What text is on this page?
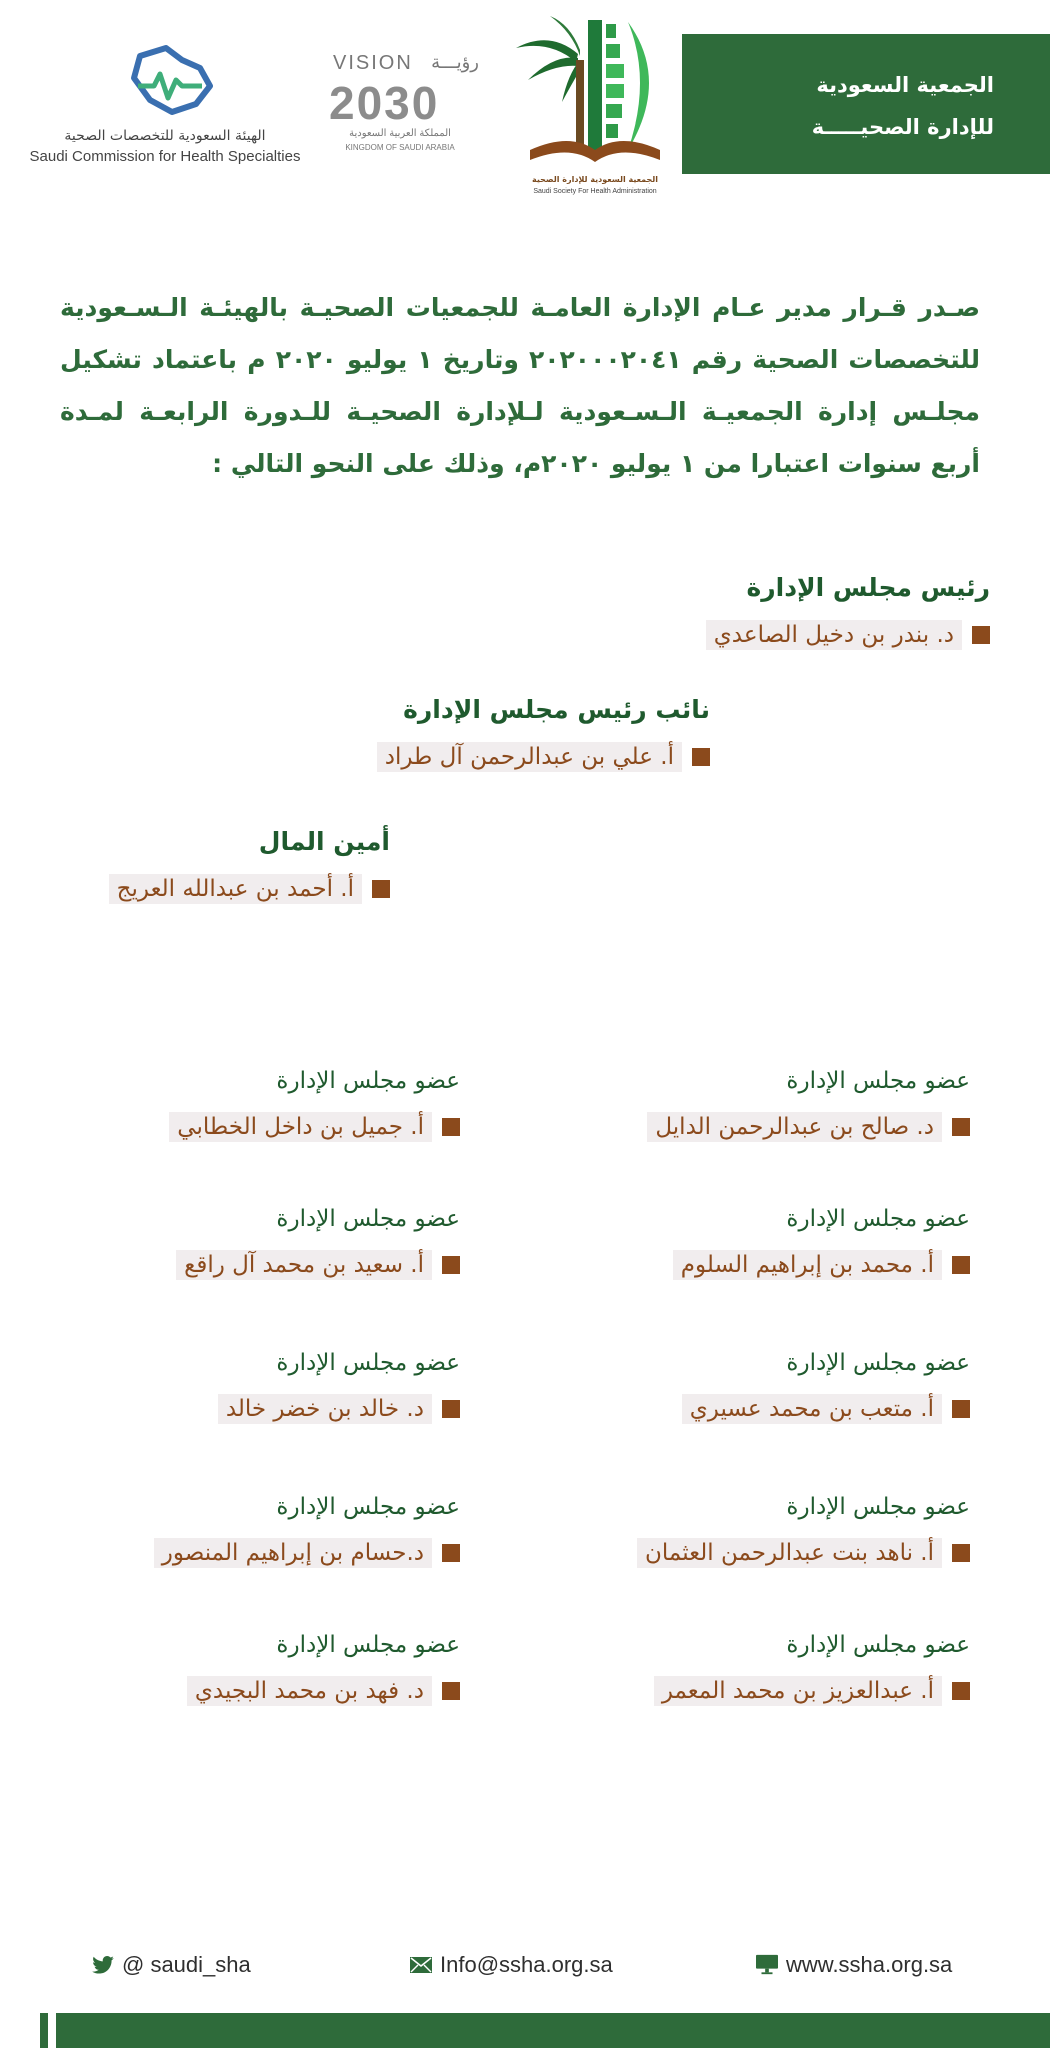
الجمعية السعودية
للإدارة الصحيـــــة
الجمعية السعودية للإدارة الصحية
Saudi Society For Health Administration
VISION رؤيـــة
2030
المملكة العربية السعودية
KINGDOM OF SAUDI ARABIA
الهيئة السعودية للتخصصات الصحية
Saudi Commission for Health Specialties

صـدر قـرار مدير عـام الإدارة العامـة للجمعيات الصحيـة بالهيئـة الـسـعودية للتخصصات الصحية رقم ٢٠٢٠٠٠٢٠٤١ وتاريخ ١ يوليو ٢٠٢٠ م باعتماد تشكيل مجلـس إدارة الجمعيـة الـسـعودية لـلإدارة الصحيـة للـدورة الرابعـة لمـدة أربع سنوات اعتبارا من ١ يوليو ٢٠٢٠م، وذلك على النحو التالي :

رئيس مجلس الإدارة
د. بندر بن دخيل الصاعدي
نائب رئيس مجلس الإدارة
أ. علي بن عبدالرحمن آل طراد
أمين المال
أ. أحمد بن عبدالله العريج
عضو مجلس الإدارة
د. صالح بن عبدالرحمن الدايل
عضو مجلس الإدارة
أ. جميل بن داخل الخطابي
عضو مجلس الإدارة
أ. محمد بن إبراهيم السلوم
عضو مجلس الإدارة
أ. سعيد بن محمد آل راقع
عضو مجلس الإدارة
أ. متعب بن محمد عسيري
عضو مجلس الإدارة
د. خالد بن خضر خالد
عضو مجلس الإدارة
أ. ناهد بنت عبدالرحمن العثمان
عضو مجلس الإدارة
د.حسام بن إبراهيم المنصور
عضو مجلس الإدارة
أ. عبدالعزيز بن محمد المعمر
عضو مجلس الإدارة
د. فهد بن محمد البجيدي
@ saudi_sha	Info@ssha.org.sa	www.ssha.org.sa
